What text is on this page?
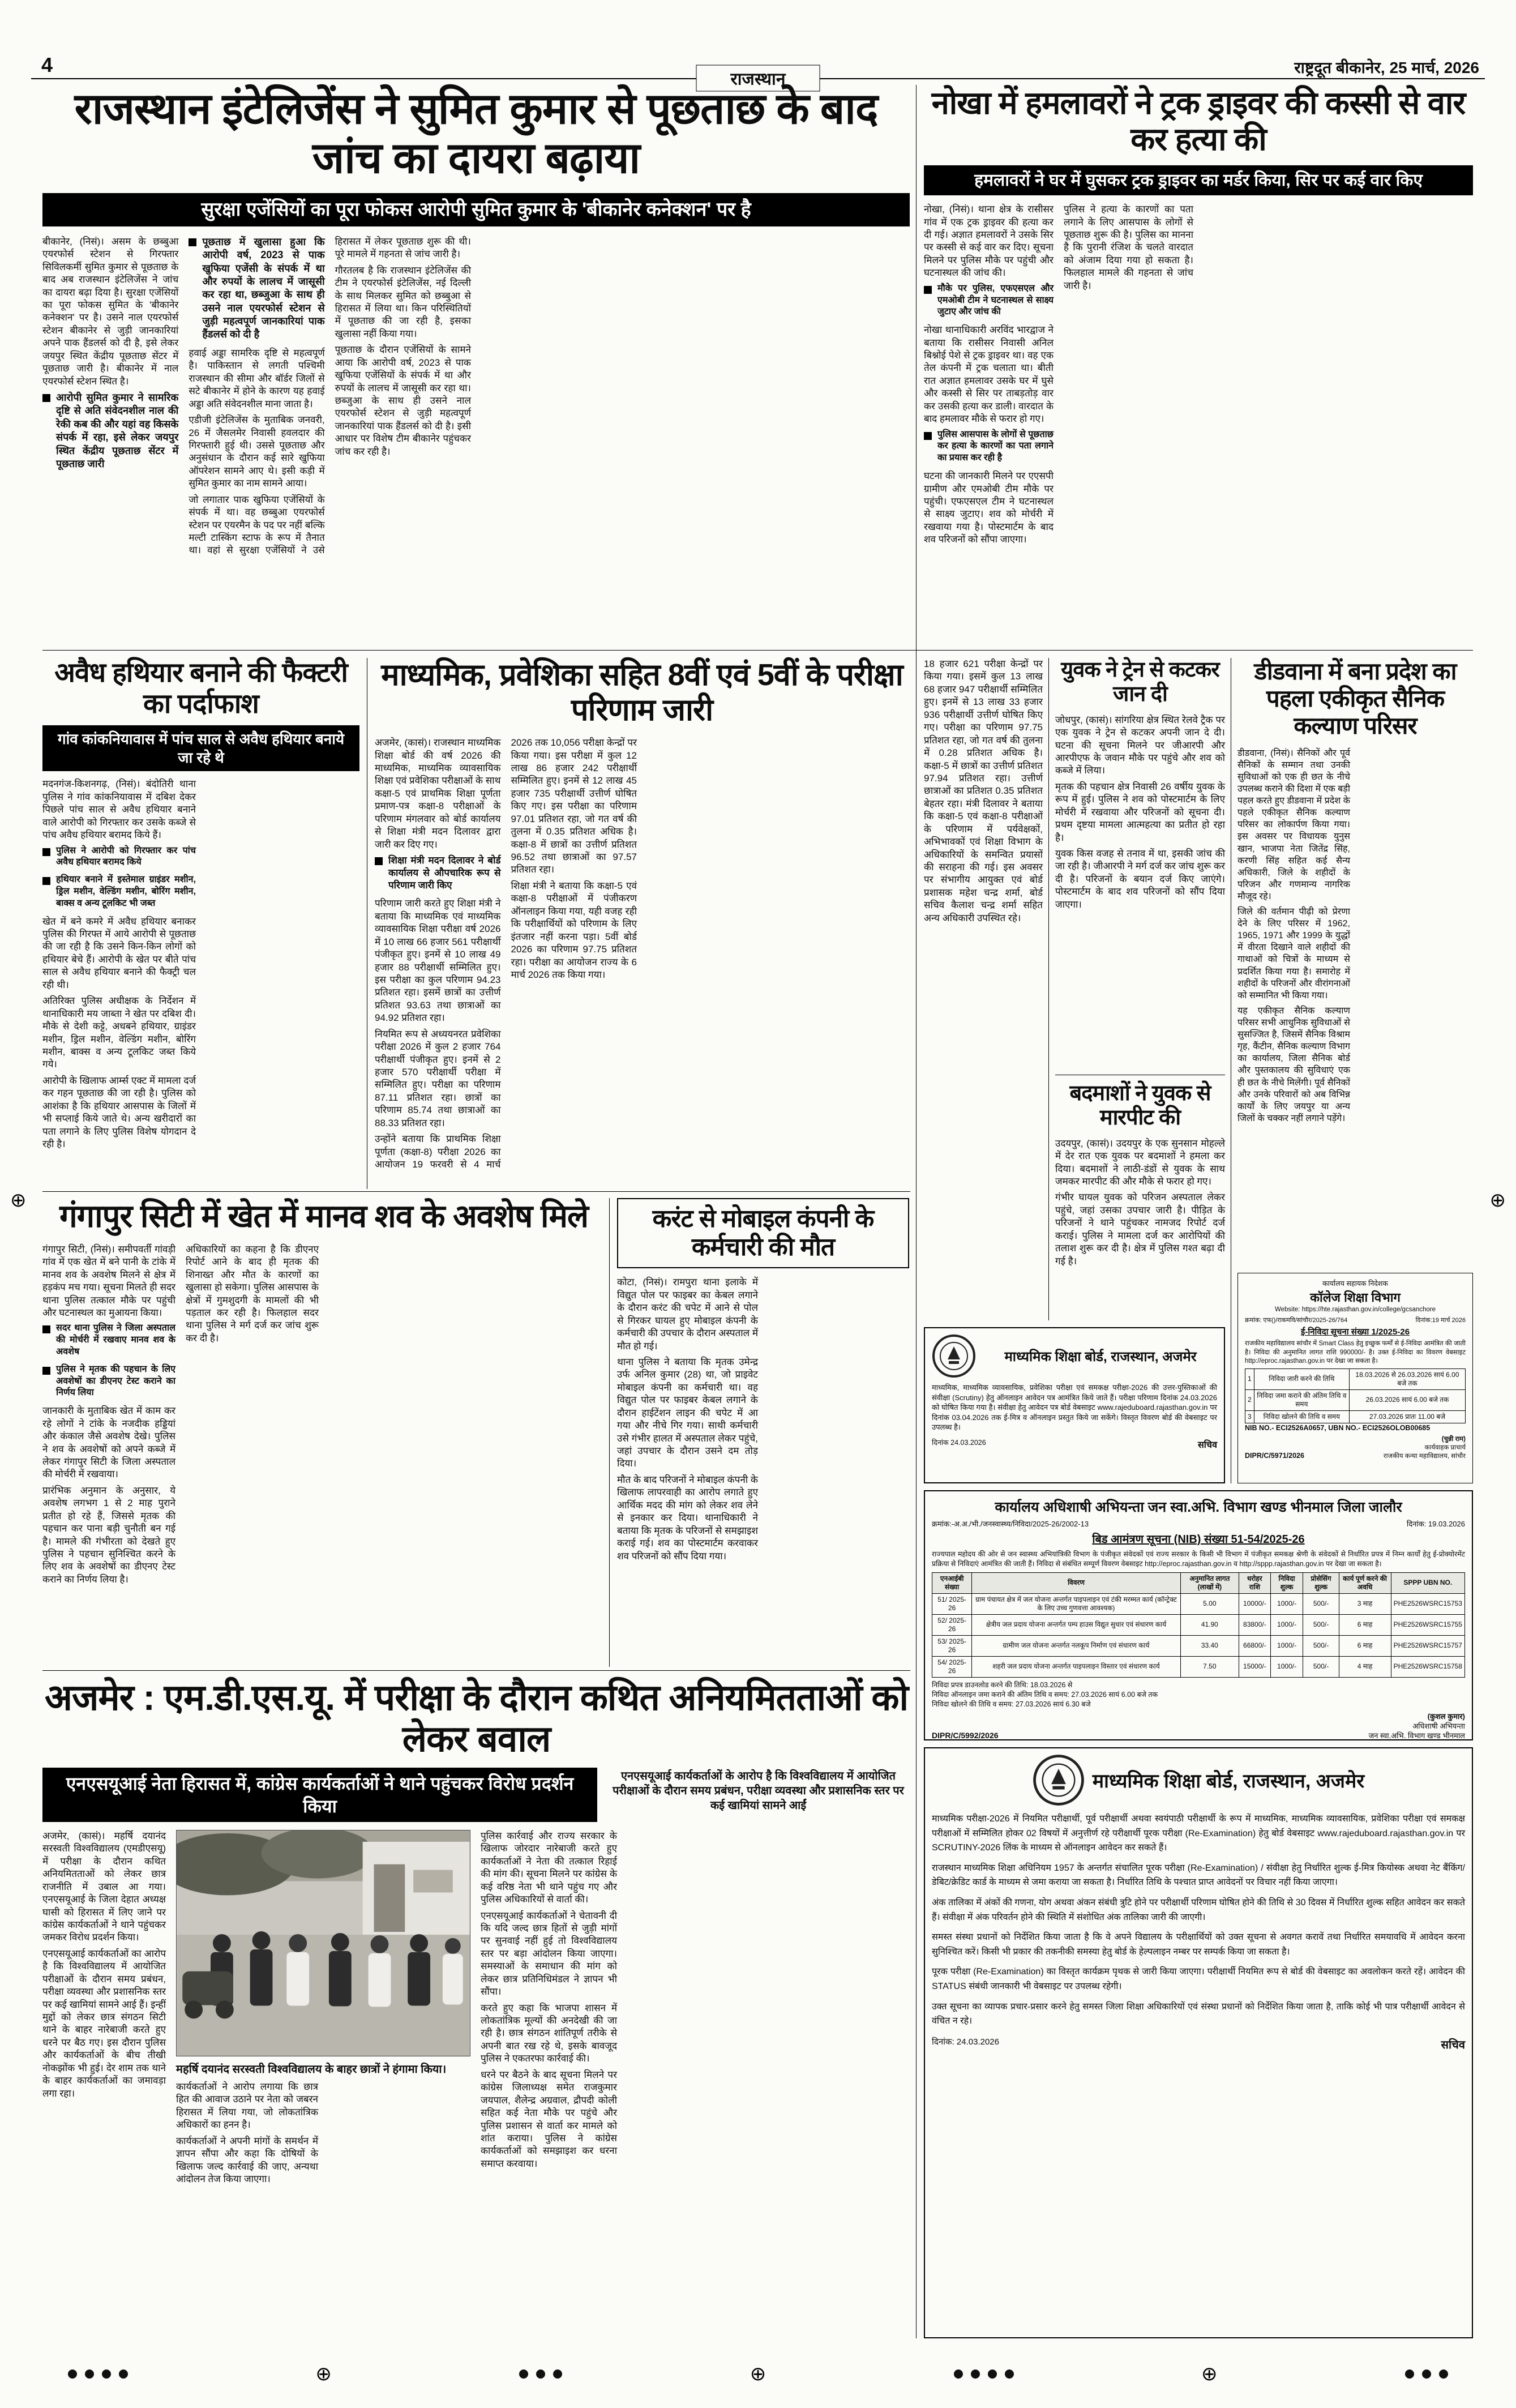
4
राजस्थान
राष्ट्रदूत बीकानेर, 25 मार्च, 2026
राजस्थान इंटेलिजेंस ने सुमित कुमार से पूछताछ के बाद जांच का दायरा बढ़ाया
सुरक्षा एजेंसियों का पूरा फोकस आरोपी सुमित कुमार के 'बीकानेर कनेक्शन' पर है

बीकानेर, (निसं)। असम के छब्बुआ एयरफोर्स स्टेशन से गिरफ्तार सिविलकर्मी सुमित कुमार से पूछताछ के बाद अब राजस्थान इंटेलिजेंस ने जांच का दायरा बढ़ा दिया है। सुरक्षा एजेंसियों का पूरा फोकस सुमित के 'बीकानेर कनेक्शन' पर है। उसने नाल एयरफोर्स स्टेशन बीकानेर से जुड़ी जानकारियां अपने पाक हैंडलर्स को दी है, इसे लेकर जयपुर स्थित केंद्रीय पूछताछ सेंटर में पूछताछ जारी है। बीकानेर में नाल एयरफोर्स स्टेशन स्थित है।

आरोपी सुमित कुमार ने सामरिक दृष्टि से अति संवेदनशील नाल की रेकी कब की और यहां वह किसके संपर्क में रहा, इसे लेकर जयपुर स्थित केंद्रीय पूछताछ सेंटर में पूछताछ जारी
पूछताछ में खुलासा हुआ कि आरोपी वर्ष, 2023 से पाक खुफिया एजेंसी के संपर्क में था और रुपयों के लालच में जासूसी कर रहा था, छब्जुआ के साथ ही उसने नाल एयरफोर्स स्टेशन से जुड़ी महत्वपूर्ण जानकारियां पाक हैंडलर्स को दी है

हवाई अड्डा सामरिक दृष्टि से महत्वपूर्ण है। पाकिस्तान से लगती पश्चिमी राजस्थान की सीमा और बॉर्डर जिलों से सटे बीकानेर में होने के कारण यह हवाई अड्डा अति संवेदनशील माना जाता है।

एडीजी इंटेलिजेंस के मुताबिक जनवरी, 26 में जैसलमेर निवासी हवलदार की गिरफ्तारी हुई थी। उससे पूछताछ और अनुसंधान के दौरान कई सारे खुफिया ऑपरेशन सामने आए थे। इसी कड़ी में सुमित कुमार का नाम सामने आया।

जो लगातार पाक खुफिया एजेंसियों के संपर्क में था। वह छब्बुआ एयरफोर्स स्टेशन पर एयरमैन के पद पर नहीं बल्कि मल्टी टास्किंग स्टाफ के रूप में तैनात था। वहां से सुरक्षा एजेंसियों ने उसे हिरासत में लेकर पूछताछ शुरू की थी। पूरे मामले में गहनता से जांच जारी है।

गौरतलब है कि राजस्थान इंटेलिजेंस की टीम ने एयरफोर्स इंटेलिजेंस, नई दिल्ली के साथ मिलकर सुमित को छब्बुआ से हिरासत में लिया था। किन परिस्थितियों में पूछताछ की जा रही है, इसका खुलासा नहीं किया गया।

पूछताछ के दौरान एजेंसियों के सामने आया कि आरोपी वर्ष, 2023 से पाक खुफिया एजेंसियों के संपर्क में था और रुपयों के लालच में जासूसी कर रहा था। छब्जुआ के साथ ही उसने नाल एयरफोर्स स्टेशन से जुड़ी महत्वपूर्ण जानकारियां पाक हैंडलर्स को दी है। इसी आधार पर विशेष टीम बीकानेर पहुंचकर जांच कर रही है।

नोखा में हमलावरों ने ट्रक ड्राइवर की कस्सी से वार कर हत्या की
हमलावरों ने घर में घुसकर ट्रक ड्राइवर का मर्डर किया, सिर पर कई वार किए

नोखा, (निसं)। थाना क्षेत्र के रासीसर गांव में एक ट्रक ड्राइवर की हत्या कर दी गई। अज्ञात हमलावरों ने उसके सिर पर कस्सी से कई वार कर दिए। सूचना मिलने पर पुलिस मौके पर पहुंची और घटनास्थल की जांच की।

मौके पर पुलिस, एफएसएल और एमओबी टीम ने घटनास्थल से साक्ष्य जुटाए और जांच की

नोखा थानाधिकारी अरविंद भारद्वाज ने बताया कि रासीसर निवासी अनिल बिश्नोई पेशे से ट्रक ड्राइवर था। वह एक तेल कंपनी में ट्रक चलाता था। बीती रात अज्ञात हमलावर उसके घर में घुसे और कस्सी से सिर पर ताबड़तोड़ वार कर उसकी हत्या कर डाली। वारदात के बाद हमलावर मौके से फरार हो गए।

पुलिस आसपास के लोगों से पूछताछ कर हत्या के कारणों का पता लगाने का प्रयास कर रही है

घटना की जानकारी मिलने पर एएसपी ग्रामीण और एमओबी टीम मौके पर पहुंची। एफएसएल टीम ने घटनास्थल से साक्ष्य जुटाए। शव को मोर्चरी में रखवाया गया है। पोस्टमार्टम के बाद शव परिजनों को सौंपा जाएगा।

पुलिस ने हत्या के कारणों का पता लगाने के लिए आसपास के लोगों से पूछताछ शुरू की है। पुलिस का मानना है कि पुरानी रंजिश के चलते वारदात को अंजाम दिया गया हो सकता है। फिलहाल मामले की गहनता से जांच जारी है।

अवैध हथियार बनाने की फैक्टरी का पर्दाफाश
गांव कांकनियावास में पांच साल से अवैध हथियार बनाये जा रहे थे

मदनगंज-किशनगढ़, (निसं)। बंदोतिरी थाना पुलिस ने गांव कांकनियावास में दबिश देकर पिछले पांच साल से अवैध हथियार बनाने वाले आरोपी को गिरफ्तार कर उसके कब्जे से पांच अवैध हथियार बरामद किये हैं।

पुलिस ने आरोपी को गिरफ्तार कर पांच अवैध हथियार बरामद किये
हथियार बनाने में इस्तेमाल ग्राइंडर मशीन, ड्रिल मशीन, वेल्डिंग मशीन, बोरिंग मशीन, बाक्स व अन्य टूलकिट भी जब्त

खेत में बने कमरे में अवैध हथियार बनाकर पुलिस की गिरफ्त में आये आरोपी से पूछताछ की जा रही है कि उसने किन-किन लोगों को हथियार बेचे हैं। आरोपी के खेत पर बीते पांच साल से अवैध हथियार बनाने की फैक्ट्री चल रही थी।

अतिरिक्त पुलिस अधीक्षक के निर्देशन में थानाधिकारी मय जाब्ता ने खेत पर दबिश दी। मौके से देशी कट्टे, अधबने हथियार, ग्राइंडर मशीन, ड्रिल मशीन, वेल्डिंग मशीन, बोरिंग मशीन, बाक्स व अन्य टूलकिट जब्त किये गये।

आरोपी के खिलाफ आर्म्स एक्ट में मामला दर्ज कर गहन पूछताछ की जा रही है। पुलिस को आशंका है कि हथियार आसपास के जिलों में भी सप्लाई किये जाते थे। अन्य खरीदारों का पता लगाने के लिए पुलिस विशेष योगदान दे रही है।

माध्यमिक, प्रवेशिका सहित 8वीं एवं 5वीं के परीक्षा परिणाम जारी

अजमेर, (कासं)। राजस्थान माध्यमिक शिक्षा बोर्ड की वर्ष 2026 की माध्यमिक, माध्यमिक व्यावसायिक शिक्षा एवं प्रवेशिका परीक्षाओं के साथ कक्षा-5 एवं प्राथमिक शिक्षा पूर्णता प्रमाण-पत्र कक्षा-8 परीक्षाओं के परिणाम मंगलवार को बोर्ड कार्यालय से शिक्षा मंत्री मदन दिलावर द्वारा जारी कर दिए गए।

शिक्षा मंत्री मदन दिलावर ने बोर्ड कार्यालय से औपचारिक रूप से परिणाम जारी किए

परिणाम जारी करते हुए शिक्षा मंत्री ने बताया कि माध्यमिक एवं माध्यमिक व्यावसायिक शिक्षा परीक्षा वर्ष 2026 में 10 लाख 66 हजार 561 परीक्षार्थी पंजीकृत हुए। इनमें से 10 लाख 49 हजार 88 परीक्षार्थी सम्मिलित हुए। इस परीक्षा का कुल परिणाम 94.23 प्रतिशत रहा। इसमें छात्रों का उत्तीर्ण प्रतिशत 93.63 तथा छात्राओं का 94.92 प्रतिशत रहा।

नियमित रूप से अध्ययनरत प्रवेशिका परीक्षा 2026 में कुल 2 हजार 764 परीक्षार्थी पंजीकृत हुए। इनमें से 2 हजार 570 परीक्षार्थी परीक्षा में सम्मिलित हुए। परीक्षा का परिणाम 87.11 प्रतिशत रहा। छात्रों का परिणाम 85.74 तथा छात्राओं का 88.33 प्रतिशत रहा।

उन्होंने बताया कि प्राथमिक शिक्षा पूर्णता (कक्षा-8) परीक्षा 2026 का आयोजन 19 फरवरी से 4 मार्च 2026 तक 10,056 परीक्षा केन्द्रों पर किया गया। इस परीक्षा में कुल 12 लाख 86 हजार 242 परीक्षार्थी सम्मिलित हुए। इनमें से 12 लाख 45 हजार 735 परीक्षार्थी उत्तीर्ण घोषित किए गए। इस परीक्षा का परिणाम 97.01 प्रतिशत रहा, जो गत वर्ष की तुलना में 0.35 प्रतिशत अधिक है। कक्षा-8 में छात्रों का उत्तीर्ण प्रतिशत 96.52 तथा छात्राओं का 97.57 प्रतिशत रहा।

शिक्षा मंत्री ने बताया कि कक्षा-5 एवं कक्षा-8 परीक्षाओं में पंजीकरण ऑनलाइन किया गया, यही वजह रही कि परीक्षार्थियों को परिणाम के लिए इंतजार नहीं करना पड़ा। 5वीं बोर्ड 2026 का परिणाम 97.75 प्रतिशत रहा। परीक्षा का आयोजन राज्य के 6 मार्च 2026 तक किया गया।

18 हजार 621 परीक्षा केन्द्रों पर किया गया। इसमें कुल 13 लाख 68 हजार 947 परीक्षार्थी सम्मिलित हुए। इनमें से 13 लाख 33 हजार 936 परीक्षार्थी उत्तीर्ण घोषित किए गए। परीक्षा का परिणाम 97.75 प्रतिशत रहा, जो गत वर्ष की तुलना में 0.28 प्रतिशत अधिक है। कक्षा-5 में छात्रों का उत्तीर्ण प्रतिशत 97.94 प्रतिशत रहा। उत्तीर्ण छात्राओं का प्रतिशत 0.35 प्रतिशत बेहतर रहा। मंत्री दिलावर ने बताया कि कक्षा-5 एवं कक्षा-8 परीक्षाओं के परिणाम में पर्यवेक्षकों, अभिभावकों एवं शिक्षा विभाग के अधिकारियों के समन्वित प्रयासों की सराहना की गई। इस अवसर पर संभागीय आयुक्त एवं बोर्ड प्रशासक महेश चन्द्र शर्मा, बोर्ड सचिव कैलाश चन्द्र शर्मा सहित अन्य अधिकारी उपस्थित रहे।

युवक ने ट्रेन से कटकर जान दी

जोधपुर, (कासं)। सांगरिया क्षेत्र स्थित रेलवे ट्रैक पर एक युवक ने ट्रेन से कटकर अपनी जान दे दी। घटना की सूचना मिलने पर जीआरपी और आरपीएफ के जवान मौके पर पहुंचे और शव को कब्जे में लिया।

मृतक की पहचान क्षेत्र निवासी 26 वर्षीय युवक के रूप में हुई। पुलिस ने शव को पोस्टमार्टम के लिए मोर्चरी में रखवाया और परिजनों को सूचना दी। प्रथम दृष्टया मामला आत्महत्या का प्रतीत हो रहा है।

युवक किस वजह से तनाव में था, इसकी जांच की जा रही है। जीआरपी ने मर्ग दर्ज कर जांच शुरू कर दी है। परिजनों के बयान दर्ज किए जाएंगे। पोस्टमार्टम के बाद शव परिजनों को सौंप दिया जाएगा।

बदमाशों ने युवक से मारपीट की

उदयपुर, (कासं)। उदयपुर के एक सुनसान मोहल्ले में देर रात एक युवक पर बदमाशों ने हमला कर दिया। बदमाशों ने लाठी-डंडों से युवक के साथ जमकर मारपीट की और मौके से फरार हो गए।

गंभीर घायल युवक को परिजन अस्पताल लेकर पहुंचे, जहां उसका उपचार जारी है। पीड़ित के परिजनों ने थाने पहुंचकर नामजद रिपोर्ट दर्ज कराई। पुलिस ने मामला दर्ज कर आरोपियों की तलाश शुरू कर दी है। क्षेत्र में पुलिस गश्त बढ़ा दी गई है।

डीडवाना में बना प्रदेश का पहला एकीकृत सैनिक कल्याण परिसर

डीडवाना, (निसं)। सैनिकों और पूर्व सैनिकों के सम्मान तथा उनकी सुविधाओं को एक ही छत के नीचे उपलब्ध कराने की दिशा में एक बड़ी पहल करते हुए डीडवाना में प्रदेश के पहले एकीकृत सैनिक कल्याण परिसर का लोकार्पण किया गया। इस अवसर पर विधायक युनुस खान, भाजपा नेता जितेंद्र सिंह, करणी सिंह सहित कई सैन्य अधिकारी, जिले के शहीदों के परिजन और गणमान्य नागरिक मौजूद रहे।

जिले की वर्तमान पीढ़ी को प्रेरणा देने के लिए परिसर में 1962, 1965, 1971 और 1999 के युद्धों में वीरता दिखाने वाले शहीदों की गाथाओं को चित्रों के माध्यम से प्रदर्शित किया गया है। समारोह में शहीदों के परिजनों और वीरांगनाओं को सम्मानित भी किया गया।

यह एकीकृत सैनिक कल्याण परिसर सभी आधुनिक सुविधाओं से सुसज्जित है, जिसमें सैनिक विश्राम गृह, कैंटीन, सैनिक कल्याण विभाग का कार्यालय, जिला सैनिक बोर्ड और पुस्तकालय की सुविधाएं एक ही छत के नीचे मिलेंगी। पूर्व सैनिकों और उनके परिवारों को अब विभिन्न कार्यों के लिए जयपुर या अन्य जिलों के चक्कर नहीं लगाने पड़ेंगे।

गंगापुर सिटी में खेत में मानव शव के अवशेष मिले

गंगापुर सिटी, (निसं)। समीपवर्ती गांवड़ी गांव में एक खेत में बने पानी के टांके में मानव शव के अवशेष मिलने से क्षेत्र में हड़कंप मच गया। सूचना मिलते ही सदर थाना पुलिस तत्काल मौके पर पहुंची और घटनास्थल का मुआयना किया।

सदर थाना पुलिस ने जिला अस्पताल की मोर्चरी में रखवाए मानव शव के अवशेष
पुलिस ने मृतक की पहचान के लिए अवशेषों का डीएनए टेस्ट कराने का निर्णय लिया

जानकारी के मुताबिक खेत में काम कर रहे लोगों ने टांके के नजदीक हड्डियां और कंकाल जैसे अवशेष देखे। पुलिस ने शव के अवशेषों को अपने कब्जे में लेकर गंगापुर सिटी के जिला अस्पताल की मोर्चरी में रखवाया।

प्रारंभिक अनुमान के अनुसार, ये अवशेष लगभग 1 से 2 माह पुराने प्रतीत हो रहे हैं, जिससे मृतक की पहचान कर पाना बड़ी चुनौती बन गई है। मामले की गंभीरता को देखते हुए पुलिस ने पहचान सुनिश्चित करने के लिए शव के अवशेषों का डीएनए टेस्ट कराने का निर्णय लिया है।

अधिकारियों का कहना है कि डीएनए रिपोर्ट आने के बाद ही मृतक की शिनाख्त और मौत के कारणों का खुलासा हो सकेगा। पुलिस आसपास के क्षेत्रों में गुमशुदगी के मामलों की भी पड़ताल कर रही है। फिलहाल सदर थाना पुलिस ने मर्ग दर्ज कर जांच शुरू कर दी है।

करंट से मोबाइल कंपनी के कर्मचारी की मौत

कोटा, (निसं)। रामपुरा थाना इलाके में विद्युत पोल पर फाइबर का केबल लगाने के दौरान करंट की चपेट में आने से पोल से गिरकर घायल हुए मोबाइल कंपनी के कर्मचारी की उपचार के दौरान अस्पताल में मौत हो गई।

थाना पुलिस ने बताया कि मृतक उमेन्द्र उर्फ अनिल कुमार (28) था, जो प्राइवेट मोबाइल कंपनी का कर्मचारी था। वह विद्युत पोल पर फाइबर केबल लगाने के दौरान हाईटेंशन लाइन की चपेट में आ गया और नीचे गिर गया। साथी कर्मचारी उसे गंभीर हालत में अस्पताल लेकर पहुंचे, जहां उपचार के दौरान उसने दम तोड़ दिया।

मौत के बाद परिजनों ने मोबाइल कंपनी के खिलाफ लापरवाही का आरोप लगाते हुए आर्थिक मदद की मांग को लेकर शव लेने से इनकार कर दिया। थानाधिकारी ने बताया कि मृतक के परिजनों से समझाइश कराई गई। शव का पोस्टमार्टम करवाकर शव परिजनों को सौंप दिया गया।

अजमेर : एम.डी.एस.यू. में परीक्षा के दौरान कथित अनियमितताओं को लेकर बवाल
एनएसयूआई नेता हिरासत में, कांग्रेस कार्यकर्ताओं ने थाने पहुंचकर विरोध प्रदर्शन किया
एनएसयूआई कार्यकर्ताओं के आरोप है कि विश्वविद्यालय में आयोजित परीक्षाओं के दौरान समय प्रबंधन, परीक्षा व्यवस्था और प्रशासनिक स्तर पर कई खामियां सामने आईं

अजमेर, (कासं)। महर्षि दयानंद सरस्वती विश्वविद्यालय (एमडीएसयू) में परीक्षा के दौरान कथित अनियमितताओं को लेकर छात्र राजनीति में उबाल आ गया। एनएसयूआई के जिला देहात अध्यक्ष घासी को हिरासत में लिए जाने पर कांग्रेस कार्यकर्ताओं ने थाने पहुंचकर जमकर विरोध प्रदर्शन किया।

एनएसयूआई कार्यकर्ताओं का आरोप है कि विश्वविद्यालय में आयोजित परीक्षाओं के दौरान समय प्रबंधन, परीक्षा व्यवस्था और प्रशासनिक स्तर पर कई खामियां सामने आई हैं। इन्हीं मुद्दों को लेकर छात्र संगठन सिटी थाने के बाहर नारेबाजी करते हुए धरने पर बैठ गए। इस दौरान पुलिस और कार्यकर्ताओं के बीच तीखी नोकझोंक भी हुई। देर शाम तक थाने के बाहर कार्यकर्ताओं का जमावड़ा लगा रहा।

महर्षि दयानंद सरस्वती विश्वविद्यालय के बाहर छात्रों ने हंगामा किया।

कार्यकर्ताओं ने आरोप लगाया कि छात्र हित की आवाज उठाने पर नेता को जबरन हिरासत में लिया गया, जो लोकतांत्रिक अधिकारों का हनन है।

कार्यकर्ताओं ने अपनी मांगों के समर्थन में ज्ञापन सौंपा और कहा कि दोषियों के खिलाफ जल्द कार्रवाई की जाए, अन्यथा आंदोलन तेज किया जाएगा।

पुलिस कार्रवाई और राज्य सरकार के खिलाफ जोरदार नारेबाजी करते हुए कार्यकर्ताओं ने नेता की तत्काल रिहाई की मांग की। सूचना मिलने पर कांग्रेस के कई वरिष्ठ नेता भी थाने पहुंच गए और पुलिस अधिकारियों से वार्ता की।

एनएसयूआई कार्यकर्ताओं ने चेतावनी दी कि यदि जल्द छात्र हितों से जुड़ी मांगों पर सुनवाई नहीं हुई तो विश्वविद्यालय स्तर पर बड़ा आंदोलन किया जाएगा। समस्याओं के समाधान की मांग को लेकर छात्र प्रतिनिधिमंडल ने ज्ञापन भी सौंपा।

करते हुए कहा कि भाजपा शासन में लोकतांत्रिक मूल्यों की अनदेखी की जा रही है। छात्र संगठन शांतिपूर्ण तरीके से अपनी बात रख रहे थे, इसके बावजूद पुलिस ने एकतरफा कार्रवाई की।

धरने पर बैठने के बाद सूचना मिलने पर कांग्रेस जिलाध्यक्ष समेत राजकुमार जयपाल, शैलेन्द्र अग्रवाल, द्रौपदी कोली सहित कई नेता मौके पर पहुंचे और पुलिस प्रशासन से वार्ता कर मामले को शांत कराया। पुलिस ने कांग्रेस कार्यकर्ताओं को समझाइश कर धरना समाप्त करवाया।

कार्यालय सहायक निदेशक
कॉलेज शिक्षा विभाग
Website: https://hte.rajasthan.gov.in/college/gcsanchore
क्रमांक: एफ()/राकमवि/सांचौर/2025-26/764	दिनांक:19 मार्च 2026
ई-निविदा सूचना संख्या 1/2025-26
राजकीय महाविद्यालय सांचौर में Smart Class हेतु इच्छुक फर्मों से ई-निविदा आमंत्रित की जाती है। निविदा की अनुमानित लागत राशि 990000/- है। उक्त ई-निविदा का विवरण वेबसाइट http://eproc.rajasthan.gov.in पर देखा जा सकता है।
1	निविदा जारी करने की तिथि	18.03.2026 से 26.03.2026 सायं 6.00 बजे तक
2	निविदा जमा कराने की अंतिम तिथि व समय	26.03.2026 सायं 6.00 बजे तक
3	निविदा खोलने की तिथि व समय	27.03.2026 प्रातः 11.00 बजे
NIB NO.- ECI2526A0657, UBN NO.- ECI2526OLOB00685
DIPR/C/5971/2026
(चुन्नी राम)
कार्यवाहक प्राचार्य
राजकीय कन्या महाविद्यालय, सांचौर
माध्यमिक शिक्षा बोर्ड, राजस्थान, अजमेर
माध्यमिक, माध्यमिक व्यावसायिक, प्रवेशिका परीक्षा एवं समकक्ष परीक्षा-2026 की उत्तर-पुस्तिकाओं की संवीक्षा (Scrutiny) हेतु ऑनलाइन आवेदन पत्र आमंत्रित किये जाते हैं। परीक्षा परिणाम दिनांक 24.03.2026 को घोषित किया गया है। संवीक्षा हेतु आवेदन पत्र बोर्ड वेबसाइट www.rajeduboard.rajasthan.gov.in पर दिनांक 03.04.2026 तक ई-मित्र व ऑनलाइन प्रस्तुत किये जा सकेंगे। विस्तृत विवरण बोर्ड की वेबसाइट पर उपलब्ध है।
दिनांक 24.03.2026	सचिव
कार्यालय अधिशाषी अभियन्ता जन स्वा.अभि. विभाग खण्ड भीनमाल जिला जालौर
क्रमांक:-अ.अ./भी./जनस्वास्थ्य/निविदा/2025-26/2002-13	दिनांक: 19.03.2026
बिड आमंत्रण सूचना (NIB) संख्या 51-54/2025-26
राज्यपाल महोदय की ओर से जन स्वास्थ्य अभियांत्रिकी विभाग के पंजीकृत संवेदकों एवं राज्य सरकार के किसी भी विभाग में पंजीकृत समकक्ष श्रेणी के संवेदकों से निर्धारित प्रपत्र में निम्न कार्यों हेतु ई-प्रोक्योरमेंट प्रक्रिया से निविदाएं आमंत्रित की जाती हैं। निविदा से संबंधित सम्पूर्ण विवरण वेबसाइट http://eproc.rajasthan.gov.in व http://sppp.rajasthan.gov.in पर देखा जा सकता है।
एनआईबी संख्या	विवरण	अनुमानित लागत (लाखों में)	धरोहर राशि	निविदा शुल्क	प्रोसेसिंग शुल्क	कार्य पूर्ण करने की अवधि	SPPP UBN NO.
51/ 2025-26	ग्राम पंचायत क्षेत्र में जल योजना अन्तर्गत पाइपलाइन एवं टंकी मरम्मत कार्य (कॉन्ट्रेक्ट के लिए उच्च गुणवत्ता आवश्यक)	5.00	10000/-	1000/-	500/-	3 माह	PHE2526WSRC15753
52/ 2025-26	क्षेत्रीय जल प्रदाय योजना अन्तर्गत पम्प हाउस विद्युत सुधार एवं संधारण कार्य	41.90	83800/-	1000/-	500/-	6 माह	PHE2526WSRC15755
53/ 2025-26	ग्रामीण जल योजना अन्तर्गत नलकूप निर्माण एवं संधारण कार्य	33.40	66800/-	1000/-	500/-	6 माह	PHE2526WSRC15757
54/ 2025-26	शहरी जल प्रदाय योजना अन्तर्गत पाइपलाइन विस्तार एवं संधारण कार्य	7.50	15000/-	1000/-	500/-	4 माह	PHE2526WSRC15758
निविदा प्रपत्र डाउनलोड करने की तिथि: 18.03.2026 से
निविदा ऑनलाइन जमा कराने की अंतिम तिथि व समय: 27.03.2026 सायं 6.00 बजे तक
निविदा खोलने की तिथि व समय: 27.03.2026 सायं 6.30 बजे
DIPR/C/5992/2026
(कुशल कुमार)
अधिशाषी अभियन्ता
जन स्वा.अभि. विभाग खण्ड भीनमाल
माध्यमिक शिक्षा बोर्ड, राजस्थान, अजमेर
माध्यमिक परीक्षा-2026 में नियमित परीक्षार्थी, पूर्व परीक्षार्थी अथवा स्वयंपाठी परीक्षार्थी के रूप में माध्यमिक, माध्यमिक व्यावसायिक, प्रवेशिका परीक्षा एवं समकक्ष परीक्षाओं में सम्मिलित होकर 02 विषयों में अनुत्तीर्ण रहे परीक्षार्थी पूरक परीक्षा (Re-Examination) हेतु बोर्ड वेबसाइट www.rajeduboard.rajasthan.gov.in पर SCRUTINY-2026 लिंक के माध्यम से ऑनलाइन आवेदन कर सकते हैं।
राजस्थान माध्यमिक शिक्षा अधिनियम 1957 के अन्तर्गत संचालित पूरक परीक्षा (Re-Examination) / संवीक्षा हेतु निर्धारित शुल्क ई-मित्र कियोस्क अथवा नेट बैंकिंग/डेबिट/क्रेडिट कार्ड के माध्यम से जमा कराया जा सकता है। निर्धारित तिथि के पश्चात प्राप्त आवेदनों पर विचार नहीं किया जाएगा।
अंक तालिका में अंकों की गणना, योग अथवा अंकन संबंधी त्रुटि होने पर परीक्षार्थी परिणाम घोषित होने की तिथि से 30 दिवस में निर्धारित शुल्क सहित आवेदन कर सकते हैं। संवीक्षा में अंक परिवर्तन होने की स्थिति में संशोधित अंक तालिका जारी की जाएगी।
समस्त संस्था प्रधानों को निर्देशित किया जाता है कि वे अपने विद्यालय के परीक्षार्थियों को उक्त सूचना से अवगत करावें तथा निर्धारित समयावधि में आवेदन करना सुनिश्चित करें। किसी भी प्रकार की तकनीकी समस्या हेतु बोर्ड के हेल्पलाइन नम्बर पर सम्पर्क किया जा सकता है।
पूरक परीक्षा (Re-Examination) का विस्तृत कार्यक्रम पृथक से जारी किया जाएगा। परीक्षार्थी नियमित रूप से बोर्ड की वेबसाइट का अवलोकन करते रहें। आवेदन की STATUS संबंधी जानकारी भी वेबसाइट पर उपलब्ध रहेगी।
उक्त सूचना का व्यापक प्रचार-प्रसार करने हेतु समस्त जिला शिक्षा अधिकारियों एवं संस्था प्रधानों को निर्देशित किया जाता है, ताकि कोई भी पात्र परीक्षार्थी आवेदन से वंचित न रहे।
दिनांक: 24.03.2026	सचिव
⊕	⊕
⊕	⊕	⊕
